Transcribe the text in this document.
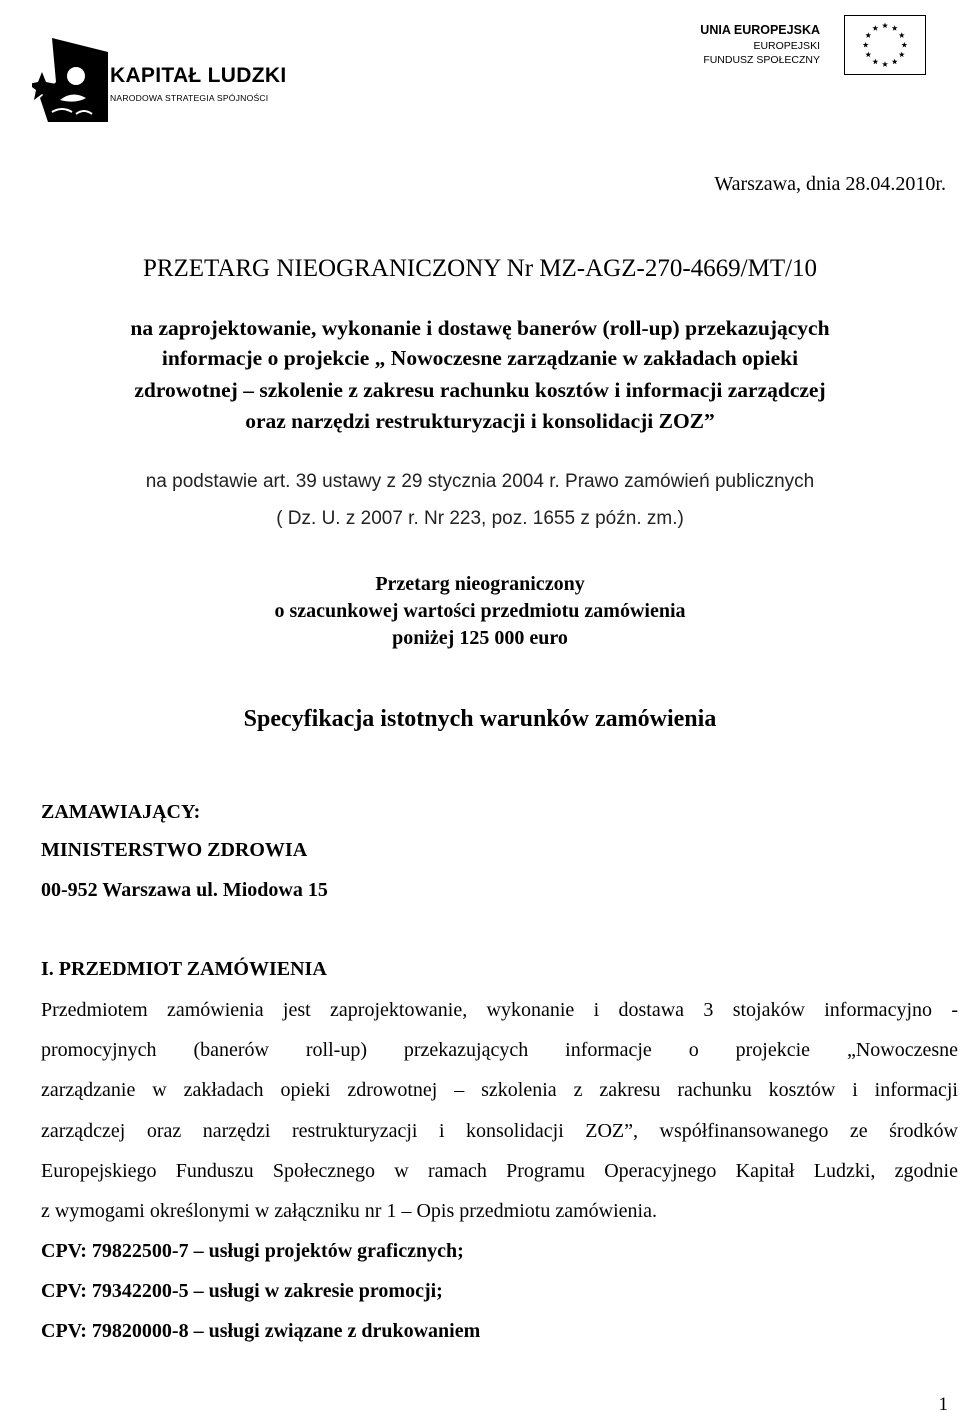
KAPITAŁ LUDZKI
NARODOWA STRATEGIA SPÓJNOŚCI
UNIA EUROPEJSKA
EUROPEJSKI
FUNDUSZ SPOŁECZNY
Warszawa, dnia 28.04.2010r.
PRZETARG NIEOGRANICZONY Nr MZ-AGZ-270-4669/MT/10
na zaprojektowanie, wykonanie i dostawę banerów (roll-up) przekazujących
informacje o projekcie „ Nowoczesne zarządzanie w zakładach opieki
zdrowotnej – szkolenie z zakresu rachunku kosztów i informacji zarządczej
oraz narzędzi restrukturyzacji i konsolidacji ZOZ”
na podstawie art. 39 ustawy z 29 stycznia 2004 r. Prawo zamówień publicznych
( Dz. U. z 2007 r. Nr 223, poz. 1655 z późn. zm.)
Przetarg nieograniczony
o szacunkowej wartości przedmiotu zamówienia
poniżej 125 000 euro
Specyfikacja istotnych warunków zamówienia
ZAMAWIAJĄCY:
MINISTERSTWO ZDROWIA
00-952 Warszawa ul. Miodowa 15
I. PRZEDMIOT ZAMÓWIENIA
Przedmiotem zamówienia jest zaprojektowanie, wykonanie i dostawa 3 stojaków informacyjno -
promocyjnych (banerów roll-up) przekazujących informacje o projekcie „Nowoczesne
zarządzanie w zakładach opieki zdrowotnej – szkolenia z zakresu rachunku kosztów i informacji
zarządczej oraz narzędzi restrukturyzacji i konsolidacji ZOZ”, współfinansowanego ze środków
Europejskiego Funduszu Społecznego w ramach Programu Operacyjnego Kapitał Ludzki, zgodnie
z wymogami określonymi w załączniku nr 1 – Opis przedmiotu zamówienia.
CPV: 79822500-7 – usługi projektów graficznych;
CPV: 79342200-5 – usługi w zakresie promocji;
CPV: 79820000-8 – usługi związane z drukowaniem
1
